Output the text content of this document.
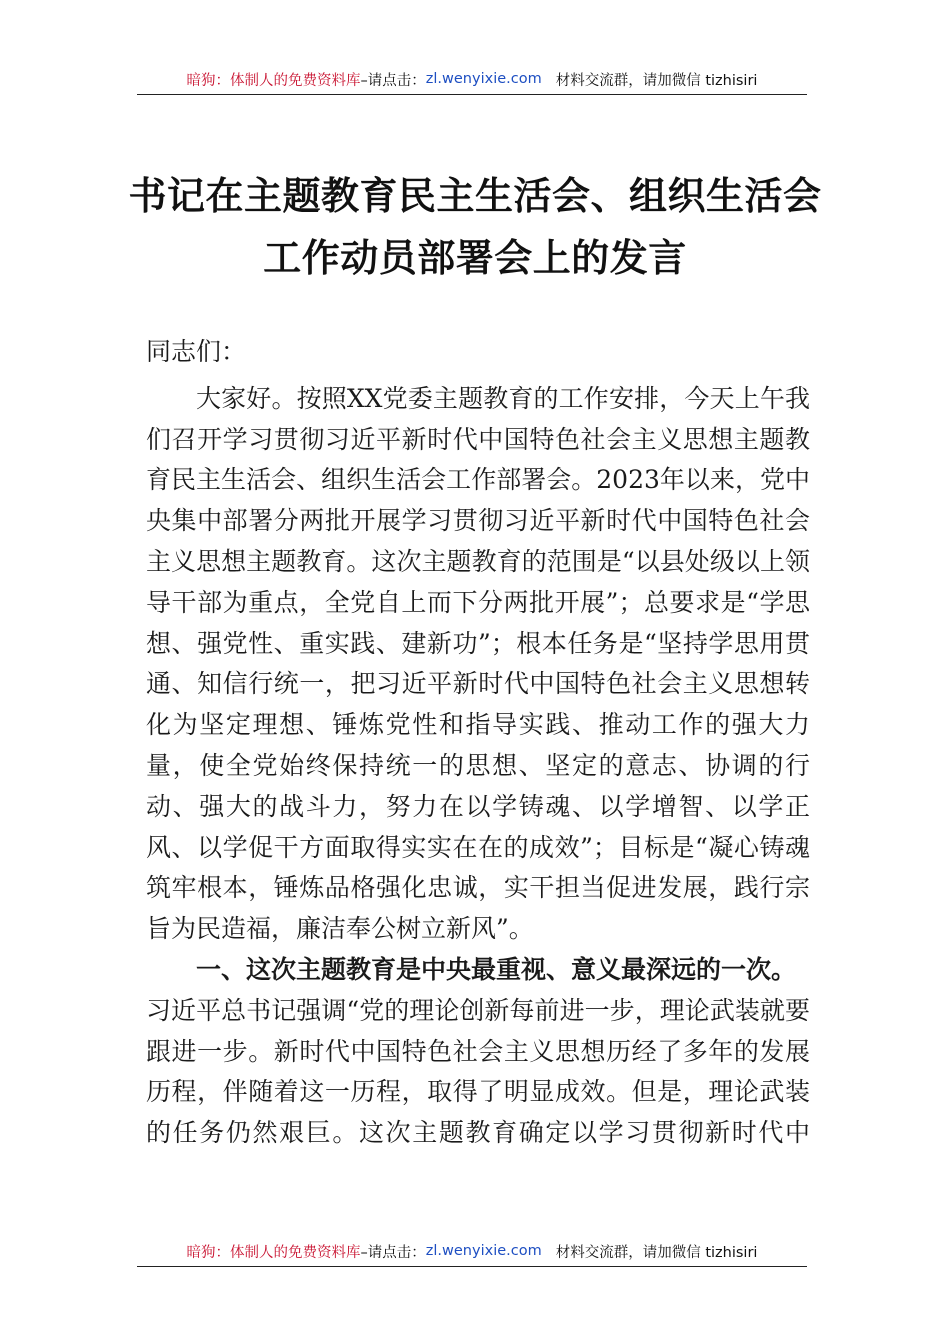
暗狗：体制人的免费资料库 –请点击： zl.wenyixie.com 材料交流群，请加微信 tizhisiri
书记在主题教育民主生活会、组织生活会
工作动员部署会上的发言

同志们：

大家好。按照XX党委主题教育的工作安排，今天上午我们召开学习贯彻习近平新时代中国特色社会主义思想主题教育民主生活会、组织生活会工作部署会。2023年以来，党中央集中部署分两批开展学习贯彻习近平新时代中国特色社会主义思想主题教育。这次主题教育的范围是“以县处级以上领导干部为重点，全党自上而下分两批开展”；总要求是“学思想、强党性、重实践、建新功”；根本任务是“坚持学思用贯通、知信行统一，把习近平新时代中国特色社会主义思想转化为坚定理想、锤炼党性和指导实践、推动工作的强大力量，使全党始终保持统一的思想、坚定的意志、协调的行动、强大的战斗力，努力在以学铸魂、以学增智、以学正风、以学促干方面取得实实在在的成效”；目标是“凝心铸魂筑牢根本，锤炼品格强化忠诚，实干担当促进发展，践行宗旨为民造福，廉洁奉公树立新风”。

一、这次主题教育是中央最重视、意义最深远的一次。

习近平总书记强调“党的理论创新每前进一步，理论武装就要跟进一步。新时代中国特色社会主义思想历经了多年的发展历程，伴随着这一历程，取得了明显成效。但是，理论武装的任务仍然艰巨。这次主题教育确定以学习贯彻新时代中

暗狗：体制人的免费资料库 –请点击： zl.wenyixie.com 材料交流群，请加微信 tizhisiri
